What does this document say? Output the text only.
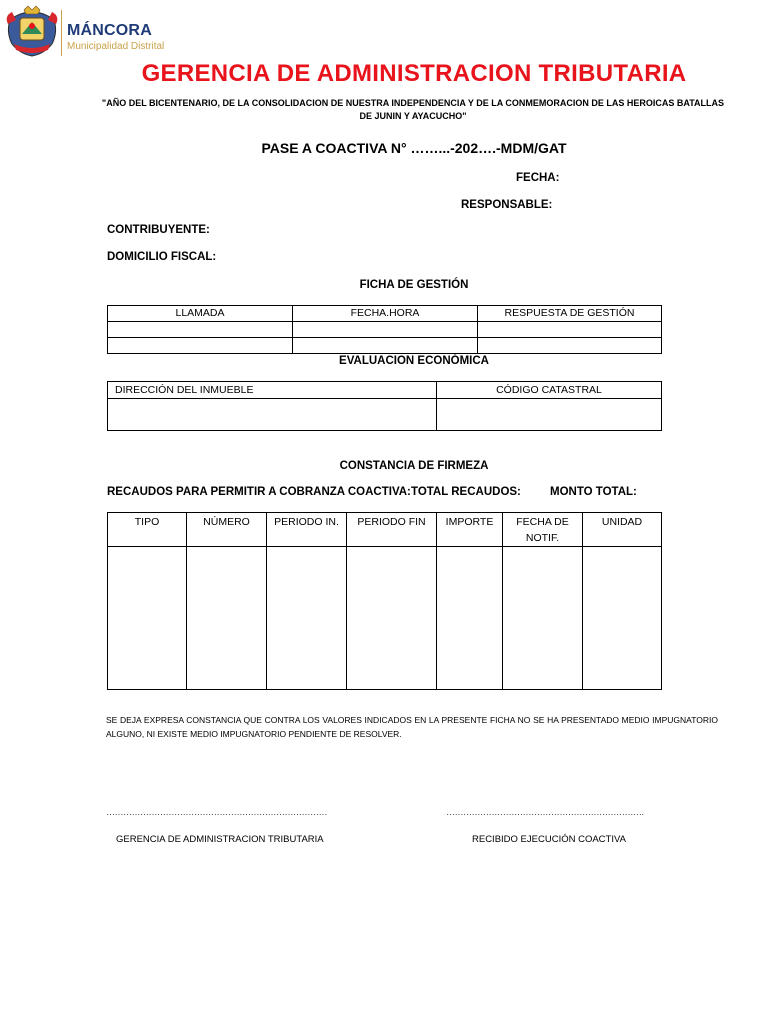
MÁNCORA
Municipalidad Distrital
GERENCIA DE ADMINISTRACION TRIBUTARIA
"AÑO DEL BICENTENARIO, DE LA CONSOLIDACION DE NUESTRA INDEPENDENCIA Y DE LA CONMEMORACION DE LAS HEROICAS BATALLAS DE JUNIN Y AYACUCHO"
PASE A COACTIVA N° ……...-202….-MDM/GAT
FECHA:
RESPONSABLE:
CONTRIBUYENTE:
DOMICILIO FISCAL:
FICHA DE GESTIÓN
LLAMADA	FECHA.HORA	RESPUESTA DE GESTIÓN

EVALUACION ECONÓMICA
DIRECCIÓN DEL INMUEBLE	CÓDIGO CATASTRAL

CONSTANCIA DE FIRMEZA
RECAUDOS PARA PERMITIR A COBRANZA COACTIVA: TOTAL RECAUDOS:	MONTO TOTAL:
TIPO	NÚMERO	PERIODO IN.	PERIODO FIN	IMPORTE	FECHA DE NOTIF.	UNIDAD

SE DEJA EXPRESA CONSTANCIA QUE CONTRA LOS VALORES INDICADOS EN LA PRESENTE FICHA NO SE HA PRESENTADO MEDIO IMPUGNATORIO ALGUNO, NI EXISTE MEDIO IMPUGNATORIO PENDIENTE DE RESOLVER.
……………………………………………………………………	…………………………………………………………….
GERENCIA DE ADMINISTRACION TRIBUTARIA	RECIBIDO EJECUCIÓN COACTIVA
